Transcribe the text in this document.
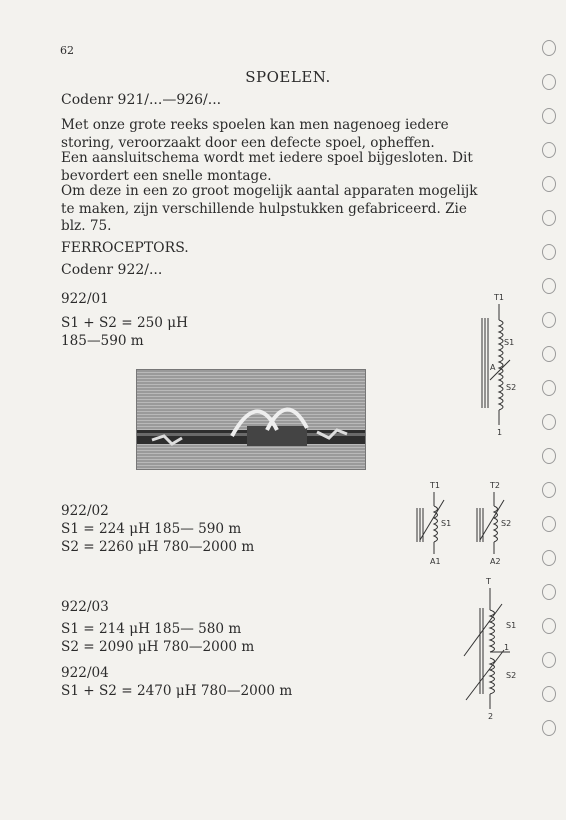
62
SPOELEN.
Codenr 921/...—926/...
Met onze grote reeks spoelen kan men nagenoeg iedere
storing, veroorzaakt door een defecte spoel, opheffen.
Een aansluitschema wordt met iedere spoel bijgesloten. Dit
bevordert een snelle montage.
Om deze in een zo groot mogelijk aantal apparaten mogelijk
te maken, zijn verschillende hulpstukken gefabriceerd. Zie
blz. 75.
FERROCEPTORS.
Codenr 922/...
922/01
S1 + S2 = 250 μH
185—590 m
922/02
S1 = 224 μH 185— 590 m
S2 = 2260 μH 780—2000 m
922/03
S1 = 214 μH 185— 580 m
S2 = 2090 μH 780—2000 m
922/04
S1 + S2 = 2470 μH 780—2000 m
T1
S1
A
S2
1
T1
S1
A1
T2
S2
A2
T
S1
1
S2
2
